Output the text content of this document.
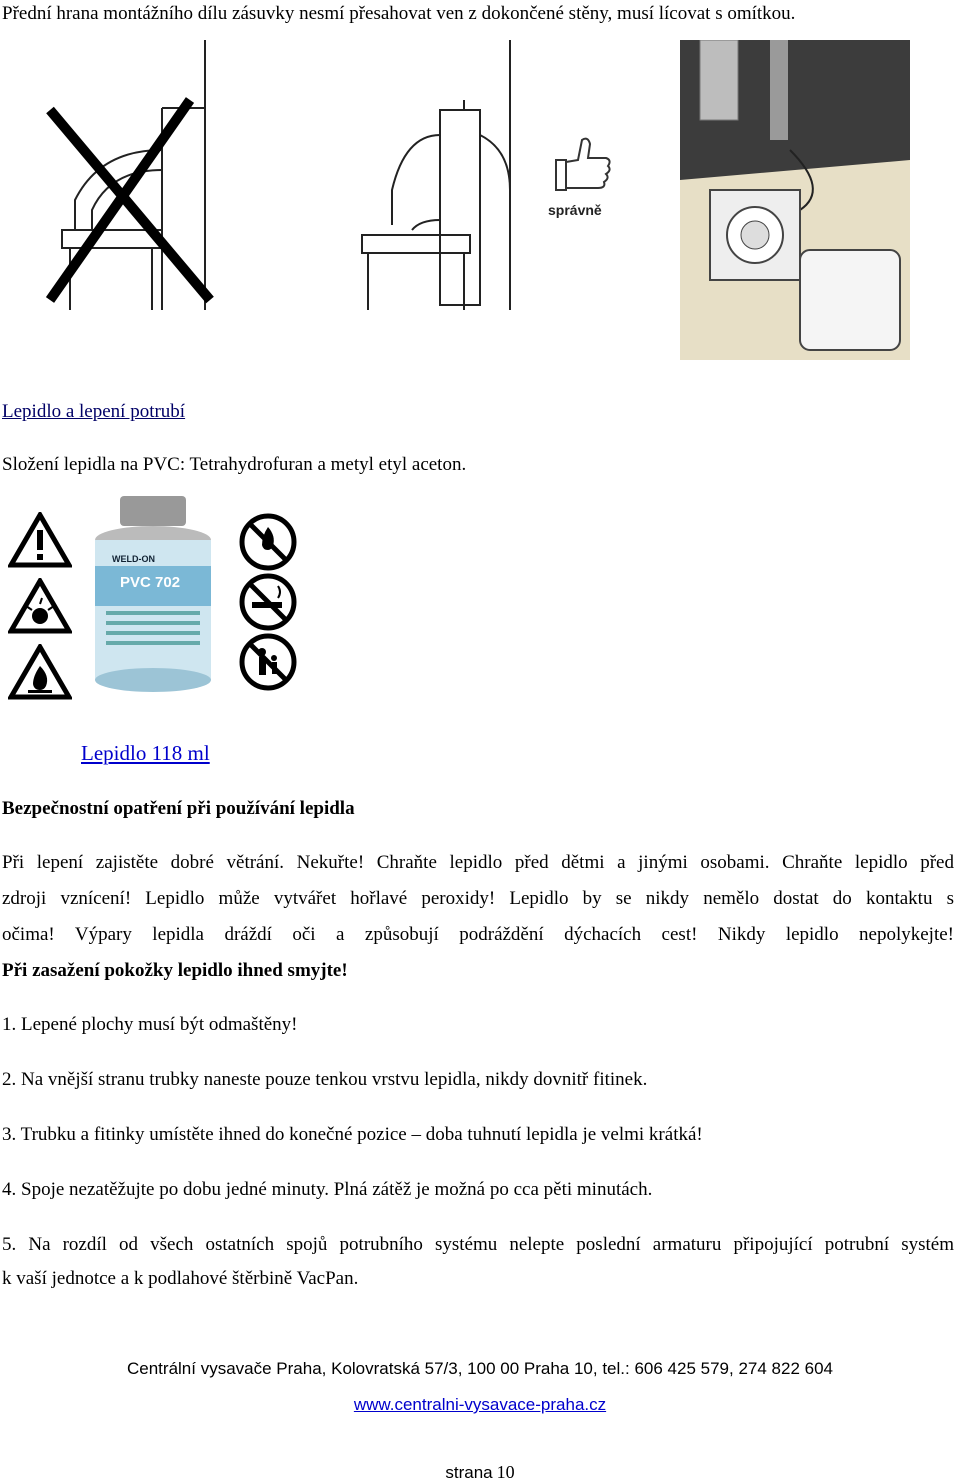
Přední hrana montážního dílu zásuvky nesmí přesahovat ven z dokončené stěny, musí lícovat s omítkou.
správně
Lepidlo a lepení potrubí
Složení lepidla na PVC: Tetrahydrofuran a metyl etyl aceton.
WELD-ON
PVC 702
Lepidlo 118 ml
Bezpečnostní opatření při používání lepidla
Při lepení zajistěte dobré větrání. Nekuřte! Chraňte lepidlo před dětmi a jinými osobami. Chraňte lepidlo před
zdroji vznícení! Lepidlo může vytvářet hořlavé peroxidy! Lepidlo by se nikdy nemělo dostat do kontaktu s
očima! Výpary lepidla dráždí oči a způsobují podráždění dýchacích cest! Nikdy lepidlo nepolykejte!
Při zasažení pokožky lepidlo ihned smyjte!
1. Lepené plochy musí být odmaštěny!
2. Na vnější stranu trubky naneste pouze tenkou vrstvu lepidla, nikdy dovnitř fitinek.
3. Trubku a fitinky umístěte ihned do konečné pozice – doba tuhnutí lepidla je velmi krátká!
4. Spoje nezatěžujte po dobu jedné minuty. Plná zátěž je možná po cca pěti minutách.
5. Na rozdíl od všech ostatních spojů potrubního systému nelepte poslední armaturu připojující potrubní systém
k vaší jednotce a k podlahové štěrbině VacPan.
Centrální vysavače Praha, Kolovratská 57/3, 100 00 Praha 10, tel.: 606 425 579, 274 822 604
www.centralni-vysavace-praha.cz
strana 10
